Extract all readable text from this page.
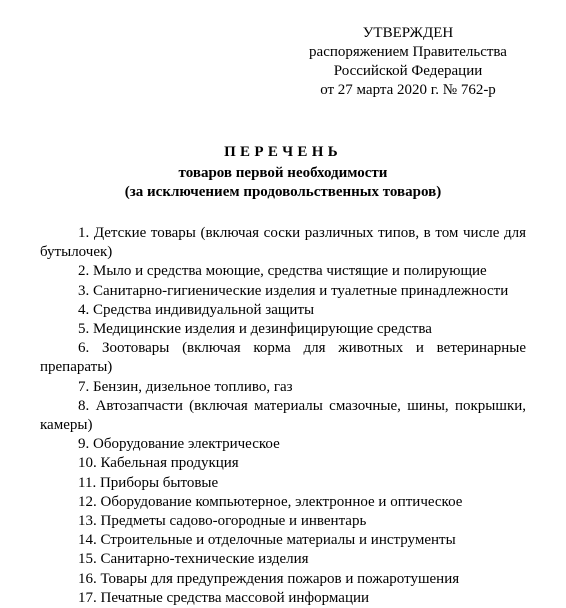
УТВЕРЖДЕН
распоряжением Правительства
Российской Федерации
от 27 марта 2020 г. № 762-р
ПЕРЕЧЕНЬ
товаров первой необходимости
(за исключением продовольственных товаров)
1. Детские товары (включая соски различных типов, в том числе для бутылочек)
2. Мыло и средства моющие, средства чистящие и полирующие
3. Санитарно-гигиенические изделия и туалетные принадлежности
4. Средства индивидуальной защиты
5. Медицинские изделия и дезинфицирующие средства
6. Зоотовары (включая корма для животных и ветеринарные препараты)
7. Бензин, дизельное топливо, газ
8. Автозапчасти (включая материалы смазочные, шины, покрышки, камеры)
9. Оборудование электрическое
10. Кабельная продукция
11. Приборы бытовые
12. Оборудование компьютерное, электронное и оптическое
13. Предметы садово-огородные и инвентарь
14. Строительные и отделочные материалы и инструменты
15. Санитарно-технические изделия
16. Товары для предупреждения пожаров и пожаротушения
17. Печатные средства массовой информации
